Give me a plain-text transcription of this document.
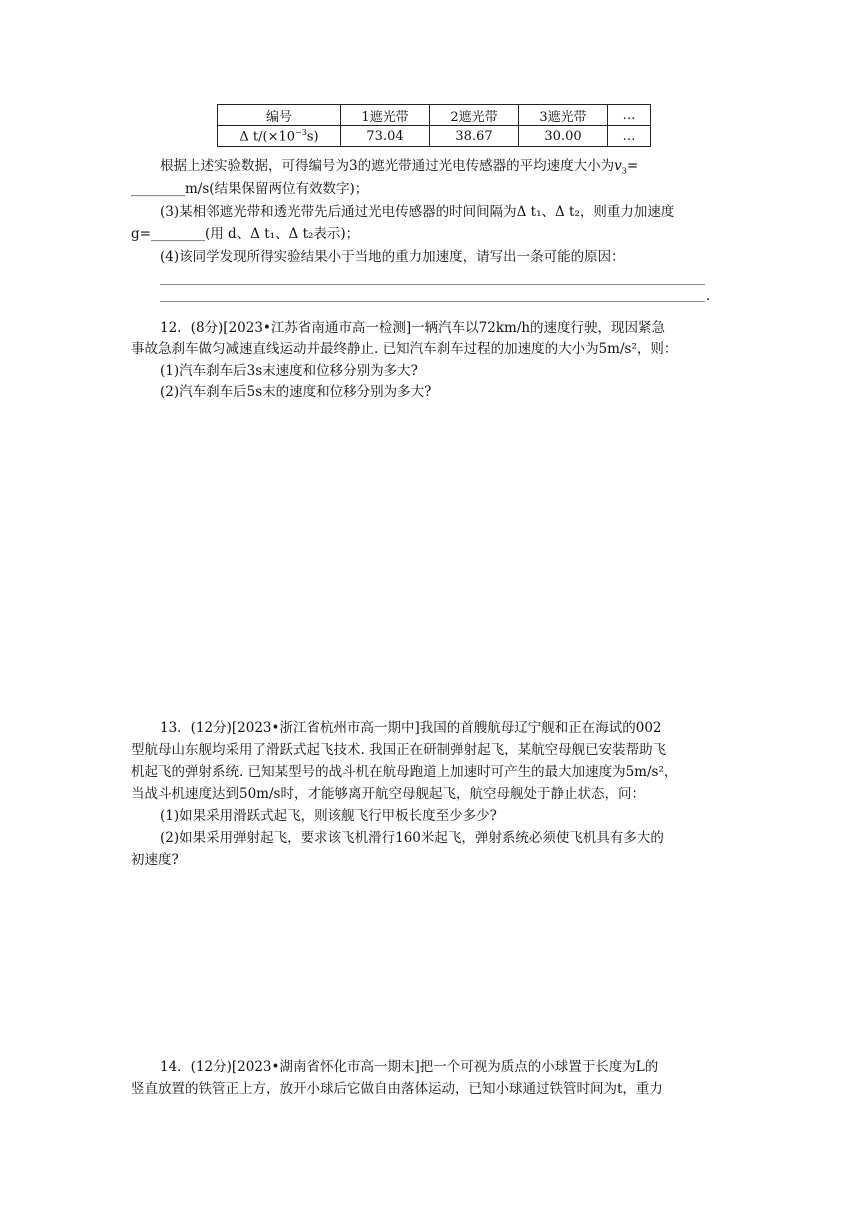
编号	1遮光带	2遮光带	3遮光带	…
Δ $t/(\times 10^{-3}s)$	73.04	38.67	30.00	…
根据上述实验数据，可得编号为3的遮光带通过光电传感器的平均速度大小为$v_3=$
________m/s(结果保留两位有效数字)；
(3)某相邻遮光带和透光带先后通过光电传感器的时间间隔为Δ t₁、Δ t₂，则重力加速度
g=________(用 d、Δ t₁、Δ t₂表示)；
(4)该同学发现所得实验结果小于当地的重力加速度，请写出一条可能的原因：
.
12．(8分)[2023•江苏省南通市高一检测]一辆汽车以72km/h的速度行驶，现因紧急
事故急刹车做匀减速直线运动并最终静止. 已知汽车刹车过程的加速度的大小为5m/s²，则：
(1)汽车刹车后3s末速度和位移分别为多大?
(2)汽车刹车后5s末的速度和位移分别为多大?
13．(12分)[2023•浙江省杭州市高一期中]我国的首艘航母辽宁舰和正在海试的002
型航母山东舰均采用了滑跃式起飞技术. 我国正在研制弹射起飞，某航空母舰已安装帮助飞
机起飞的弹射系统. 已知某型号的战斗机在航母跑道上加速时可产生的最大加速度为5m/s²，
当战斗机速度达到50m/s时，才能够离开航空母舰起飞，航空母舰处于静止状态，问：
(1)如果采用滑跃式起飞，则该舰飞行甲板长度至少多少?
(2)如果采用弹射起飞，要求该飞机滑行160米起飞，弹射系统必须使飞机具有多大的
初速度?
14．(12分)[2023•湖南省怀化市高一期末]把一个可视为质点的小球置于长度为L的
竖直放置的铁管正上方，放开小球后它做自由落体运动，已知小球通过铁管时间为t，重力
